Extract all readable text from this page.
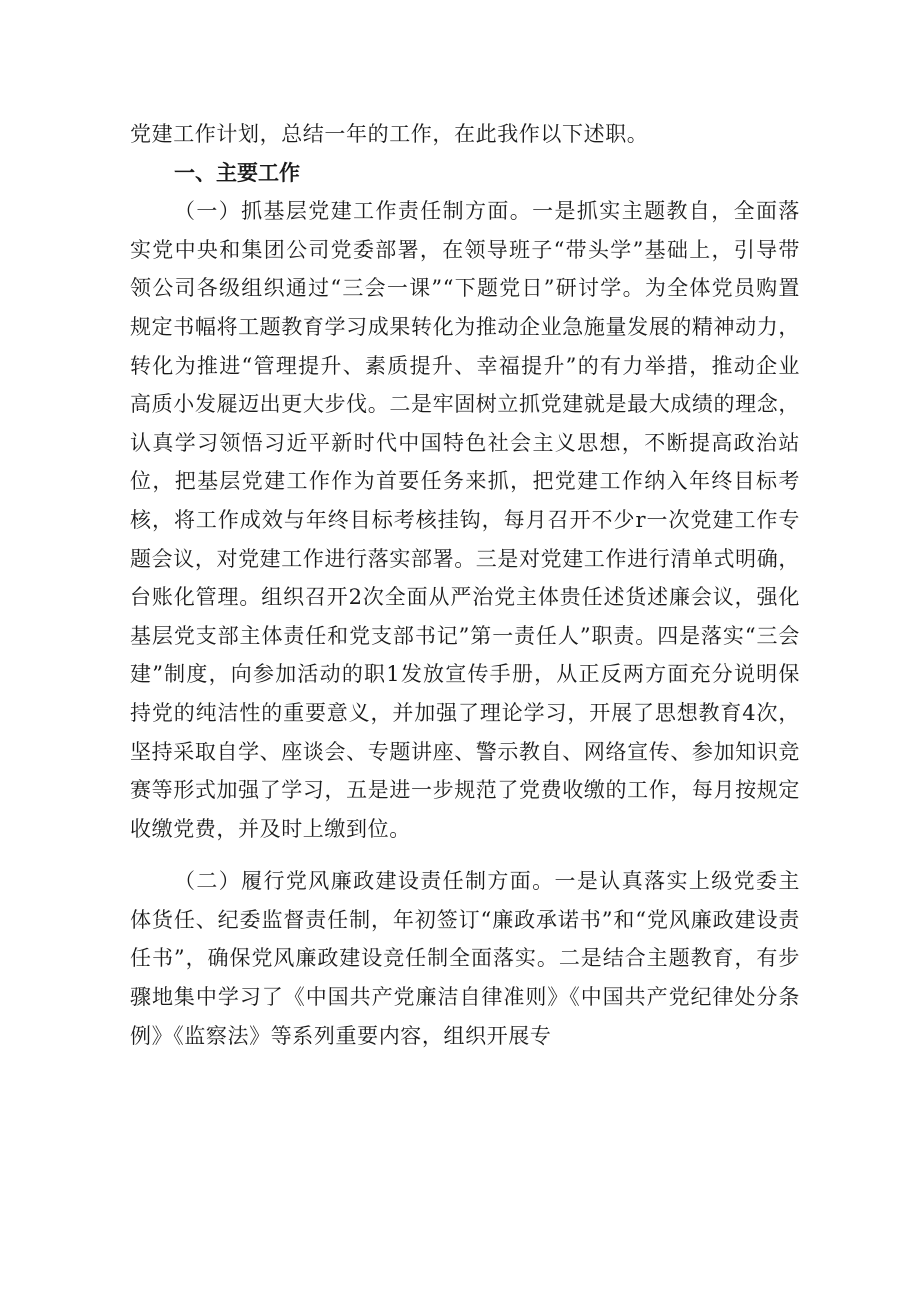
党建工作计划，总结一年的工作，在此我作以下述职。

一、主要工作

（一）抓基层党建工作责任制方面。一是抓实主题教自，全面落实党中央和集团公司党委部署，在领导班子“带头学”基础上，引导带领公司各级组织通过“三会一课”“下题党日”研讨学。为全体党员购置规定书幅将工题教育学习成果转化为推动企业急施量发展的精神动力，转化为推进“管理提升、素质提升、幸福提升”的有力举措，推动企业高质小发屣迈出更大步伐。二是牢固树立抓党建就是最大成绩的理念，认真学习领悟习近平新时代中国特色社会主义思想，不断提高政治站位，把基层党建工作作为首要任务来抓，把党建工作纳入年终目标考核，将工作成效与年终目标考核挂钩，每月召开不少r一次党建工作专题会议，对党建工作进行落实部署。三是对党建工作进行清单式明确，台账化管理。组织召开2次全面从严治党主体贵任述货述廉会议，强化基层党支部主体责任和党支部书记”第一责任人”职责。四是落实“三会建”制度，向参加活动的职1发放宣传手册，从正反两方面充分说明保持党的纯洁性的重要意义，并加强了理论学习，开展了思想教育4次，坚持采取自学、座谈会、专题讲座、警示教自、网络宣传、参加知识竞赛等形式加强了学习，五是进一步规范了党费收缴的工作，每月按规定收缴党费，并及时上缴到位。

（二）履行党风廉政建设责任制方面。一是认真落实上级党委主体货任、纪委监督责任制，年初签订“廉政承诺书”和“党风廉政建设责任书”，确保党风廉政建设竞任制全面落实。二是结合主题教育，有步骤地集中学习了《中国共产党廉洁自律准则》《中国共产党纪律处分条例》《监察法》等系列重要内容，组织开展专
